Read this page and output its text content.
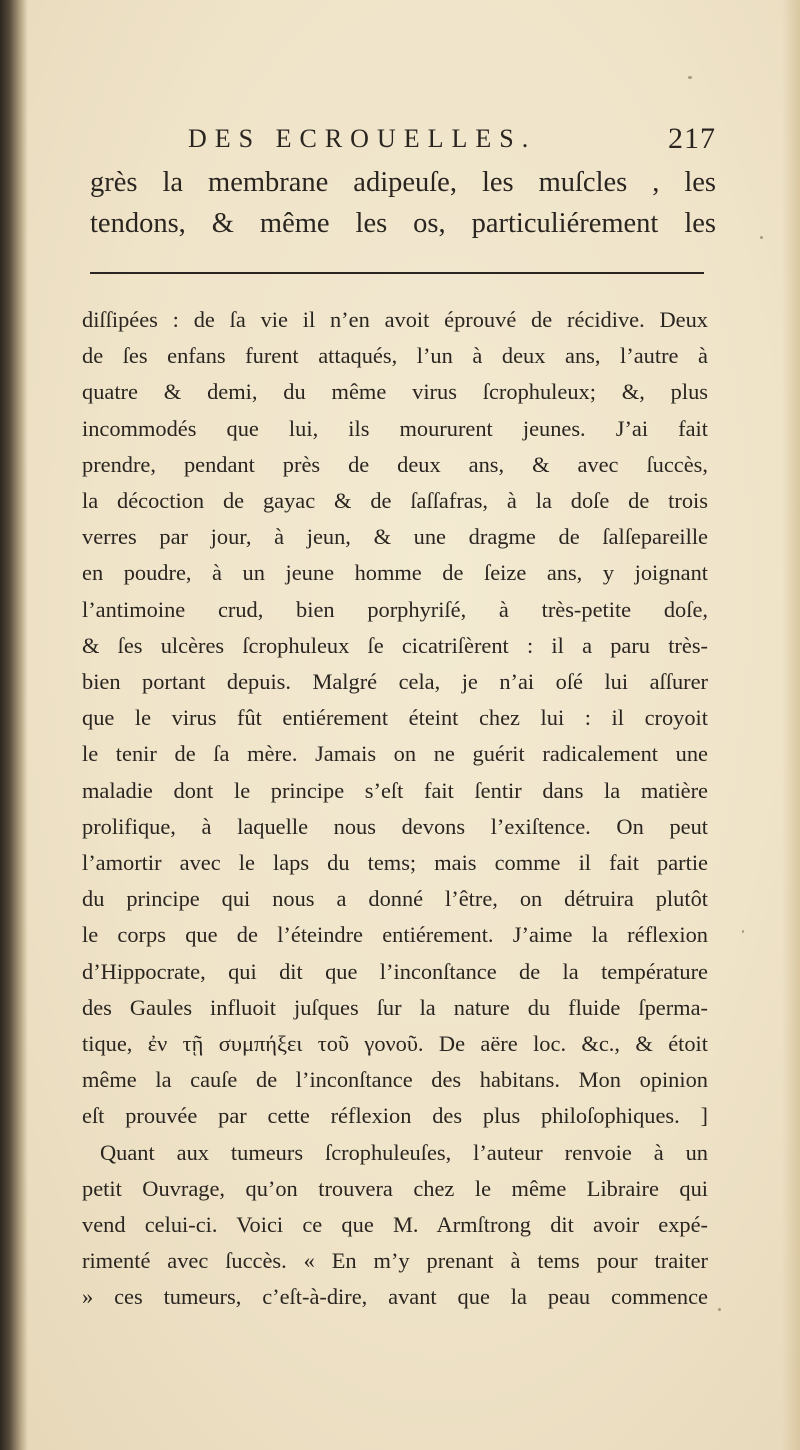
DES ECROUELLES.	217
grès la membrane adipeuſe, les muſcles , les
tendons, & même les os, particuliérement les
diſſipées : de ſa vie il n’en avoit éprouvé de récidive. Deux
de ſes enfans furent attaqués, l’un à deux ans, l’autre à
quatre & demi, du même virus ſcrophuleux; &, plus
incommodés que lui, ils moururent jeunes. J’ai fait
prendre, pendant près de deux ans, & avec ſuccès,
la décoction de gayac & de ſaſſafras, à la doſe de trois
verres par jour, à jeun, & une dragme de ſalſepareille
en poudre, à un jeune homme de ſeize ans, y joignant
l’antimoine crud, bien porphyriſé, à très-petite doſe,
& ſes ulcères ſcrophuleux ſe cicatriſèrent : il a paru très-
bien portant depuis. Malgré cela, je n’ai oſé lui aſſurer
que le virus fût entiérement éteint chez lui : il croyoit
le tenir de ſa mère. Jamais on ne guérit radicalement une
maladie dont le principe s’eſt fait ſentir dans la matière
prolifique, à laquelle nous devons l’exiſtence. On peut
l’amortir avec le laps du tems; mais comme il fait partie
du principe qui nous a donné l’être, on détruira plutôt
le corps que de l’éteindre entiérement. J’aime la réflexion
d’Hippocrate, qui dit que l’inconſtance de la température
des Gaules influoit juſques ſur la nature du fluide ſperma-
tique, ἐν τῇ συμπήξει τοῦ γονοῦ. De aëre loc. &c., & étoit
même la cauſe de l’inconſtance des habitans. Mon opinion
eſt prouvée par cette réflexion des plus philoſophiques. ]
Quant aux tumeurs ſcrophuleuſes, l’auteur renvoie à un
petit Ouvrage, qu’on trouvera chez le même Libraire qui
vend celui-ci. Voici ce que M. Armſtrong dit avoir expé-
rimenté avec ſuccès. « En m’y prenant à tems pour traiter
» ces tumeurs, c’eſt-à-dire, avant que la peau commence
